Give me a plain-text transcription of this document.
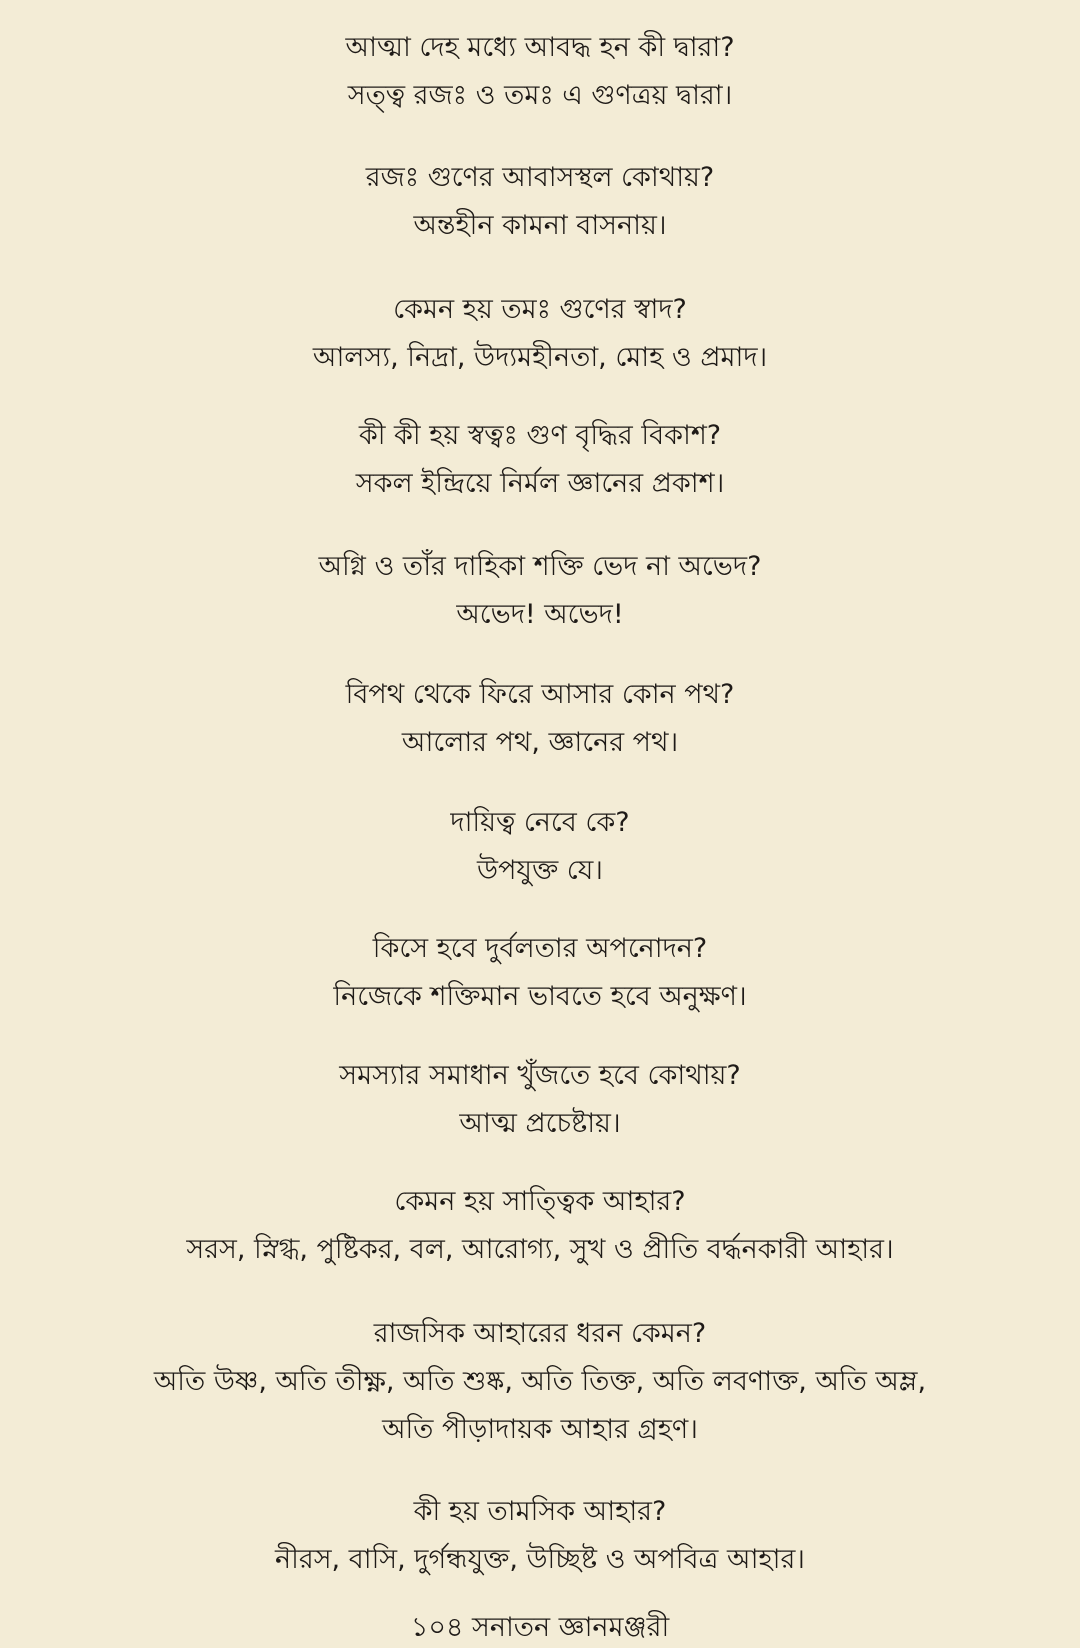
আত্মা দেহ মধ্যে আবদ্ধ হন কী দ্বারা?
সত্ত্ব রজঃ ও তমঃ এ গুণত্রয় দ্বারা।
রজঃ গুণের আবাসস্থল কোথায়?
অন্তহীন কামনা বাসনায়।
কেমন হয় তমঃ গুণের স্বাদ?
আলস্য, নিদ্রা, উদ্যমহীনতা, মোহ ও প্রমাদ।
কী কী হয় স্বত্বঃ গুণ বৃদ্ধির বিকাশ?
সকল ইন্দ্রিয়ে নির্মল জ্ঞানের প্রকাশ।
অগ্নি ও তাঁর দাহিকা শক্তি ভেদ না অভেদ?
অভেদ! অভেদ!
বিপথ থেকে ফিরে আসার কোন পথ?
আলোর পথ, জ্ঞানের পথ।
দায়িত্ব নেবে কে?
উপযুক্ত যে।
কিসে হবে দুর্বলতার অপনোদন?
নিজেকে শক্তিমান ভাবতে হবে অনুক্ষণ।
সমস্যার সমাধান খুঁজতে হবে কোথায়?
আত্ম প্রচেষ্টায়।
কেমন হয় সাত্ত্বিক আহার?
সরস, স্নিগ্ধ, পুষ্টিকর, বল, আরোগ্য, সুখ ও প্রীতি বর্দ্ধনকারী আহার।
রাজসিক আহারের ধরন কেমন?
অতি উষ্ণ, অতি তীক্ষ্ণ, অতি শুষ্ক, অতি তিক্ত, অতি লবণাক্ত, অতি অম্ল,
অতি পীড়াদায়ক আহার গ্রহণ।
কী হয় তামসিক আহার?
নীরস, বাসি, দুর্গন্ধযুক্ত, উচ্ছিষ্ট ও অপবিত্র আহার।
১০৪ সনাতন জ্ঞানমঞ্জরী
